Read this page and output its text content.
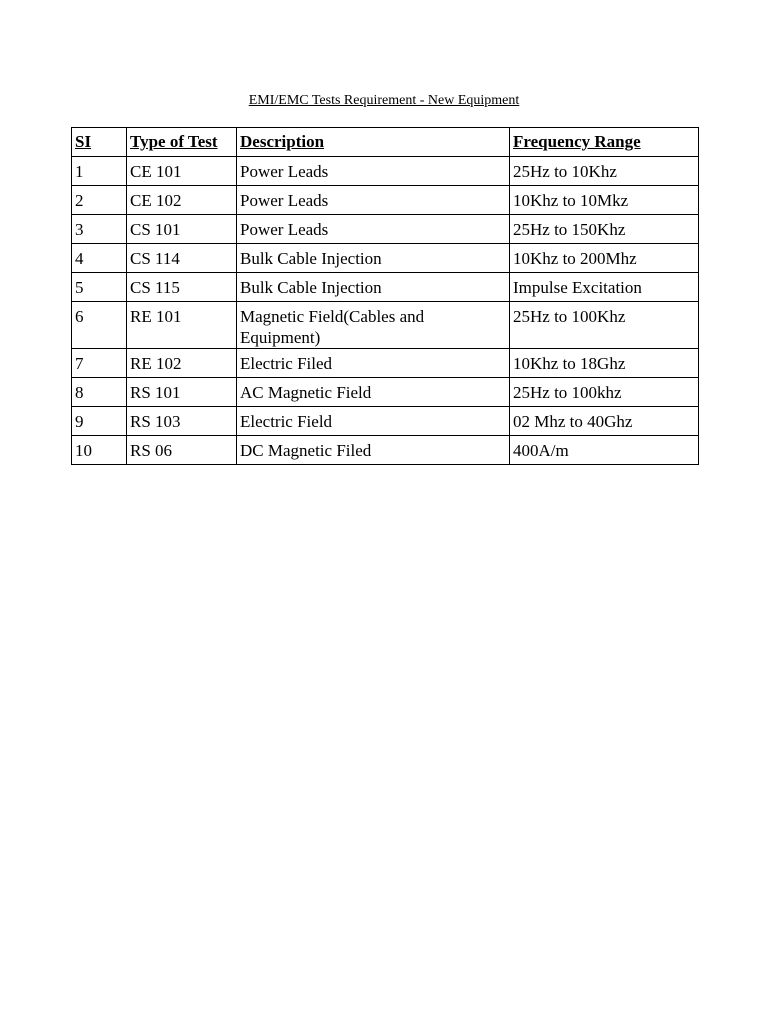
EMI/EMC Tests Requirement - New Equipment
SI	Type of Test	Description	Frequency Range
1	CE 101	Power Leads	25Hz to 10Khz
2	CE 102	Power Leads	10Khz to 10Mkz
3	CS 101	Power Leads	25Hz to 150Khz
4	CS 114	Bulk Cable Injection	10Khz to 200Mhz
5	CS 115	Bulk Cable Injection	Impulse Excitation
6	RE 101	Magnetic Field(Cables and Equipment)	25Hz to 100Khz
7	RE 102	Electric Filed	10Khz to 18Ghz
8	RS 101	AC Magnetic Field	25Hz to 100khz
9	RS 103	Electric Field	02 Mhz to 40Ghz
10	RS 06	DC Magnetic Filed	400A/m
